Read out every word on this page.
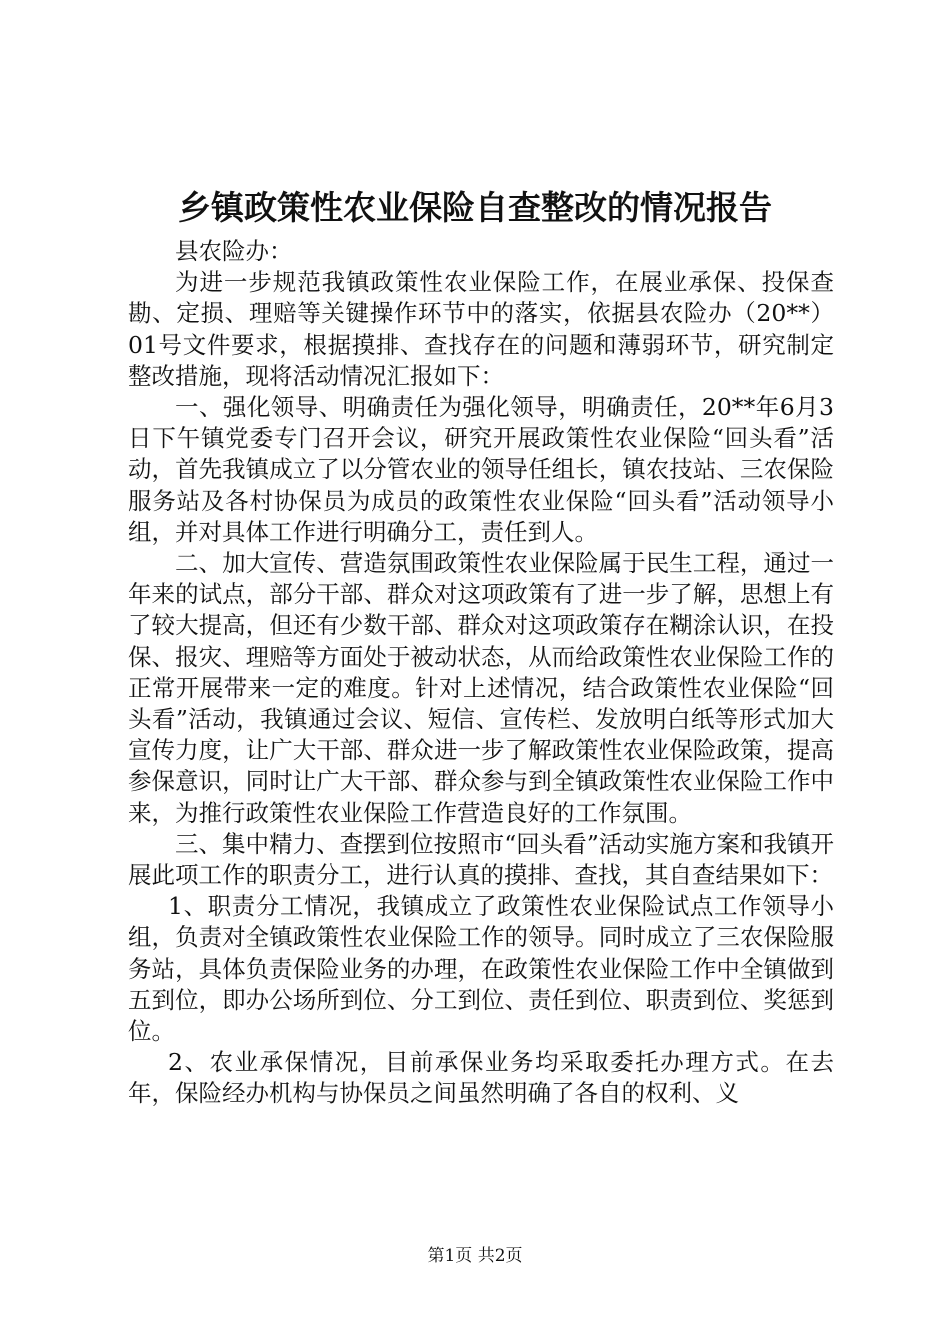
乡镇政策性农业保险自查整改的情况报告

县农险办：

为进一步规范我镇政策性农业保险工作，在展业承保、投保查勘、定损、理赔等关键操作环节中的落实，依据县农险办（20**）01号文件要求，根据摸排、查找存在的问题和薄弱环节，研究制定整改措施，现将活动情况汇报如下：

一、强化领导、明确责任为强化领导，明确责任，20**年6月3日下午镇党委专门召开会议，研究开展政策性农业保险“回头看”活动，首先我镇成立了以分管农业的领导任组长，镇农技站、三农保险服务站及各村协保员为成员的政策性农业保险“回头看”活动领导小组，并对具体工作进行明确分工，责任到人。

二、加大宣传、营造氛围政策性农业保险属于民生工程，通过一年来的试点，部分干部、群众对这项政策有了进一步了解，思想上有了较大提高，但还有少数干部、群众对这项政策存在糊涂认识，在投保、报灾、理赔等方面处于被动状态，从而给政策性农业保险工作的正常开展带来一定的难度。针对上述情况，结合政策性农业保险“回头看”活动，我镇通过会议、短信、宣传栏、发放明白纸等形式加大宣传力度，让广大干部、群众进一步了解政策性农业保险政策，提高参保意识，同时让广大干部、群众参与到全镇政策性农业保险工作中来，为推行政策性农业保险工作营造良好的工作氛围。

三、集中精力、查摆到位按照市“回头看”活动实施方案和我镇开展此项工作的职责分工，进行认真的摸排、查找，其自查结果如下：

1、职责分工情况，我镇成立了政策性农业保险试点工作领导小组，负责对全镇政策性农业保险工作的领导。同时成立了三农保险服务站，具体负责保险业务的办理，在政策性农业保险工作中全镇做到五到位，即办公场所到位、分工到位、责任到位、职责到位、奖惩到位。

2、农业承保情况，目前承保业务均采取委托办理方式。在去年，保险经办机构与协保员之间虽然明确了各自的权利、义

第1页 共2页
